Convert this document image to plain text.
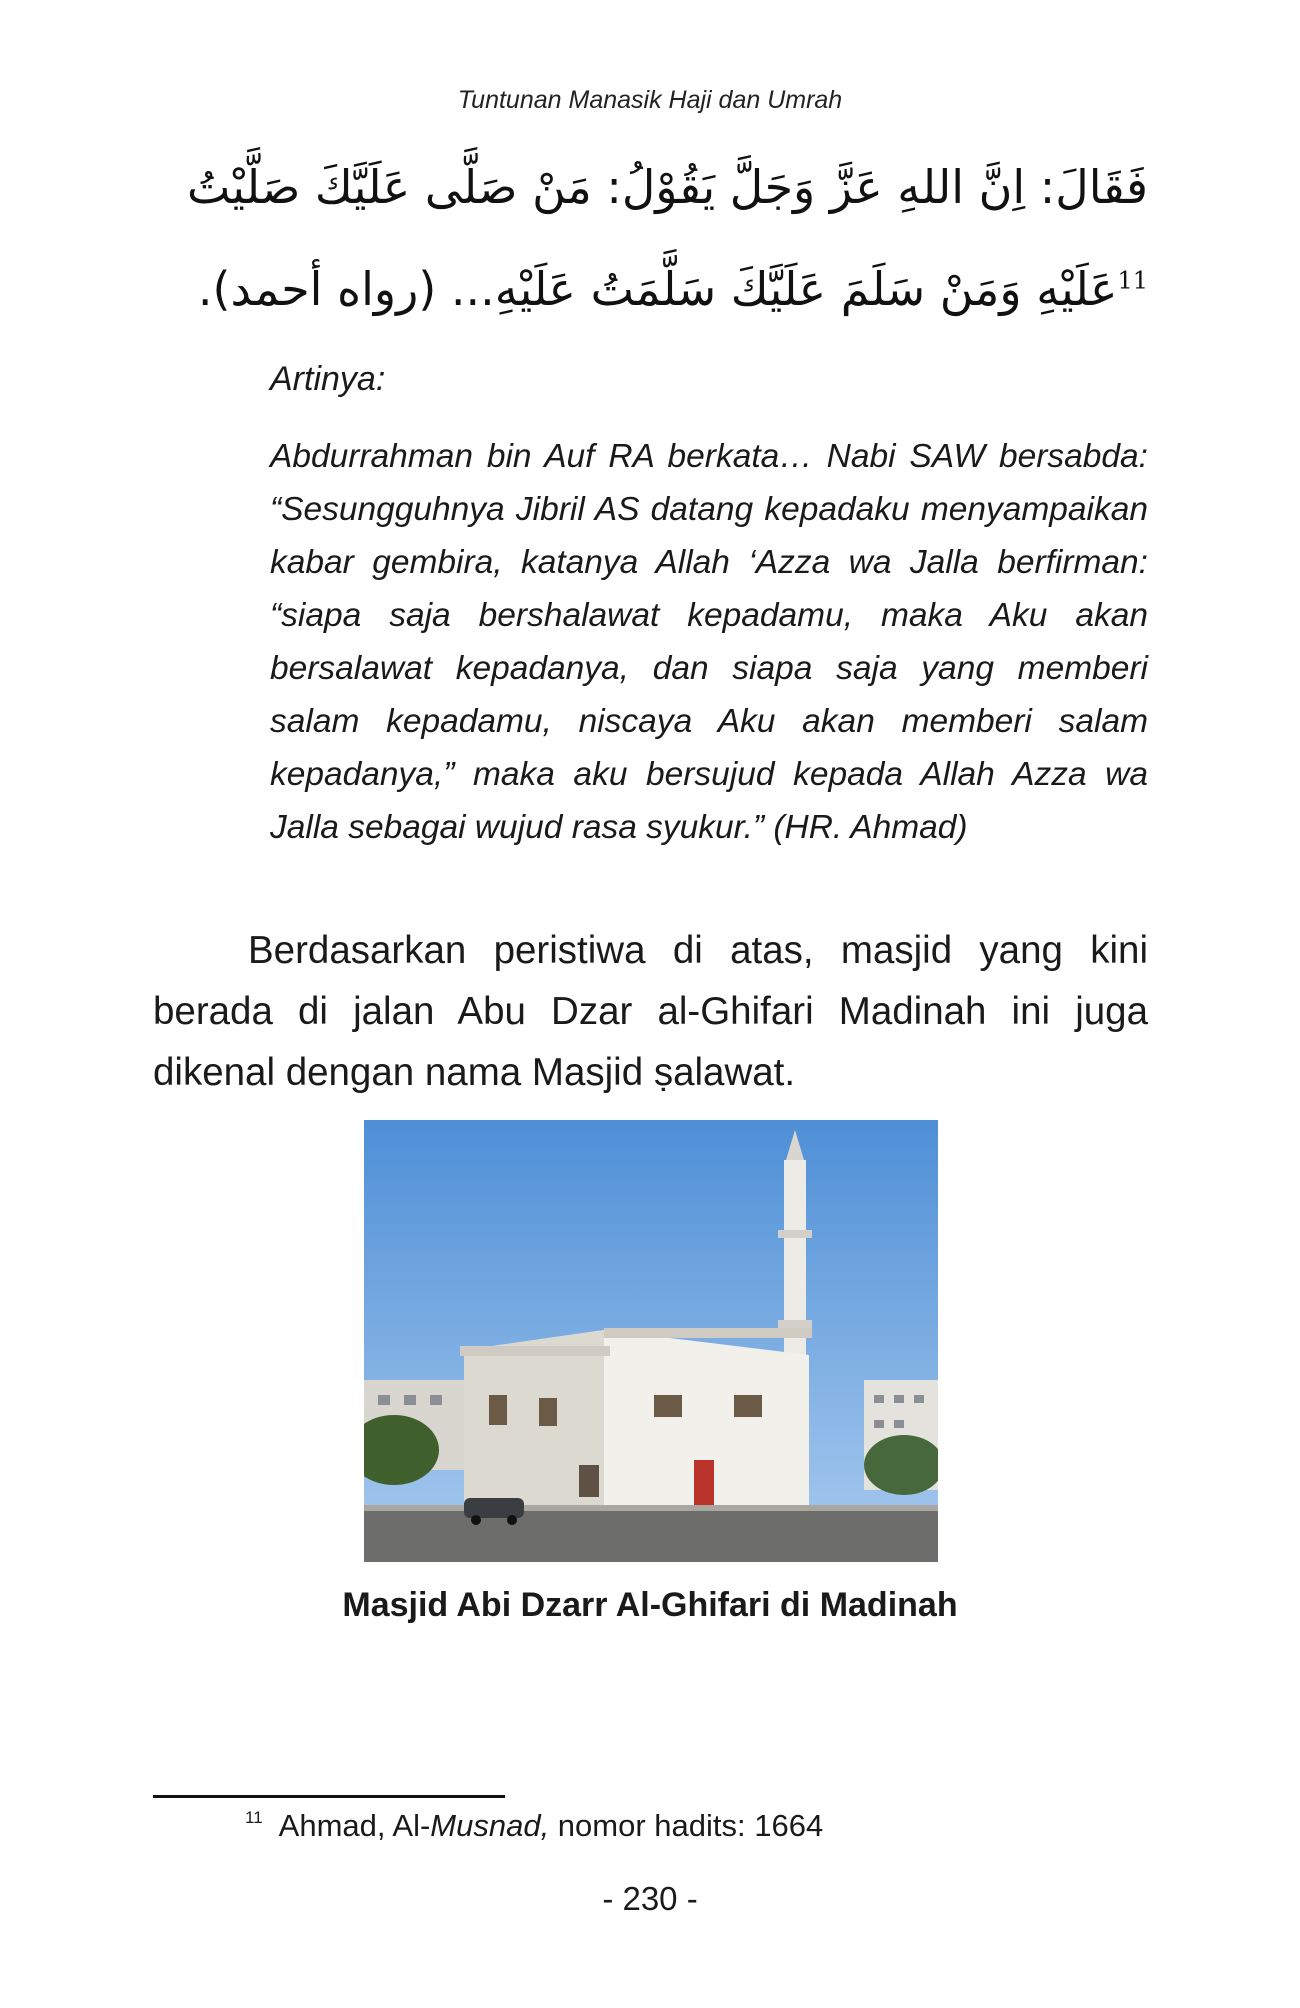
Tuntunan Manasik Haji dan Umrah
فَقَالَ: اِنَّ اللهِ عَزَّ وَجَلَّ يَقُوْلُ: مَنْ صَلَّى عَلَيَّكَ صَلَّيْتُ
$^{11}$عَلَيْهِ وَمَنْ سَلَمَ عَلَيَّكَ سَلَّمَتُ عَلَيْهِ... (رواه أحمد).
Artinya:

Abdurrahman bin Auf RA berkata… Nabi SAW bersabda: “Sesungguhnya Jibril AS datang kepadaku menyampaikan kabar gembira, katanya Allah ‘Azza wa Jalla berfirman: “siapa saja bershalawat kepadamu, maka Aku akan bersalawat kepadanya, dan siapa saja yang memberi salam kepadamu, niscaya Aku akan memberi salam kepadanya,” maka aku bersujud kepada Allah Azza wa Jalla sebagai wujud rasa syukur.” (HR. Ahmad)

Berdasarkan peristiwa di atas, masjid yang kini berada di jalan Abu Dzar al-Ghifari Madinah ini juga dikenal dengan nama Masjid ṣalawat.

Masjid Abi Dzarr Al-Ghifari di Madinah
$^{11}$ Ahmad, Al-Musnad, nomor hadits: 1664
- 230 -
